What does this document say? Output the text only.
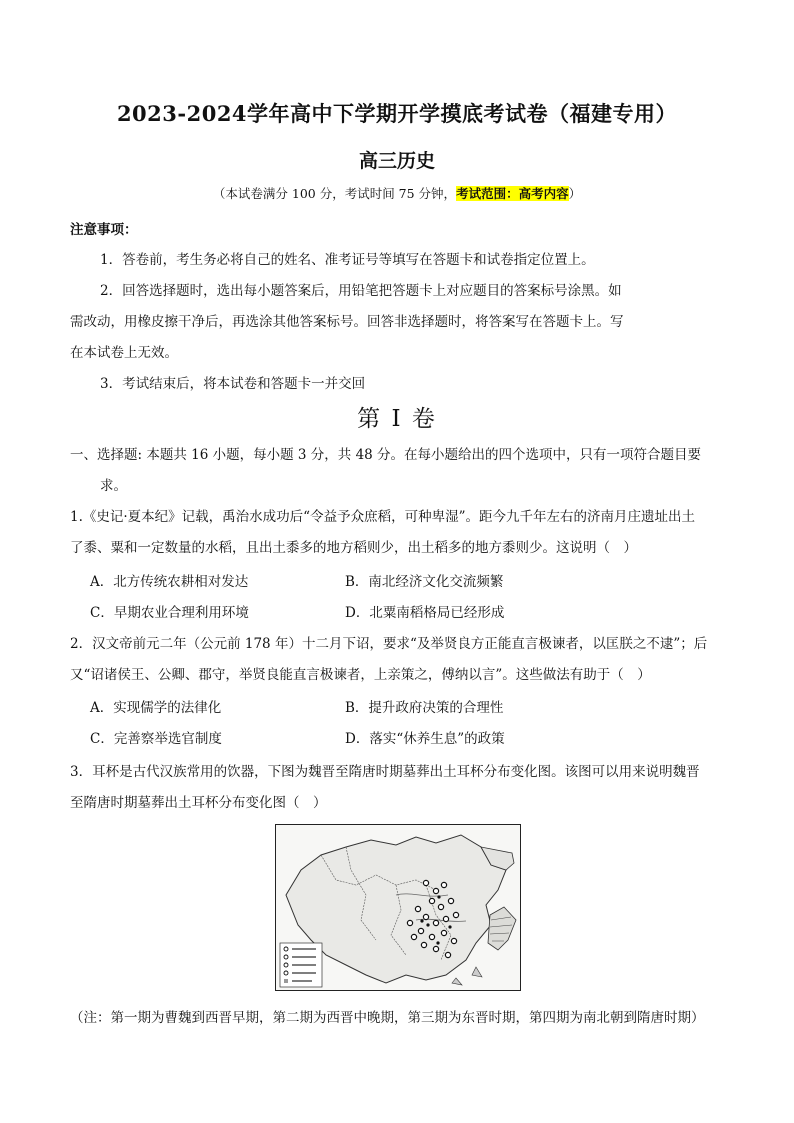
2023-2024学年高中下学期开学摸底考试卷（福建专用）
高三历史
（本试卷满分 100 分，考试时间 75 分钟，考试范围：高考内容）
注意事项：
1．答卷前，考生务必将自己的姓名、准考证号等填写在答题卡和试卷指定位置上。
2．回答选择题时，选出每小题答案后，用铅笔把答题卡上对应题目的答案标号涂黑。如
需改动，用橡皮擦干净后，再选涂其他答案标号。回答非选择题时，将答案写在答题卡上。写
在本试卷上无效。
3．考试结束后，将本试卷和答题卡一并交回
第 I 卷
一、选择题: 本题共 16 小题，每小题 3 分，共 48 分。在每小题给出的四个选项中，只有一项符合题目要
求。
1.《史记·夏本纪》记载，禹治水成功后“令益予众庶稻，可种卑湿”。距今九千年左右的济南月庄遗址出土
了黍、粟和一定数量的水稻，且出土黍多的地方稻则少，出土稻多的地方黍则少。这说明（　）
A．北方传统农耕相对发达	B．南北经济文化交流频繁
C．早期农业合理利用环境	D．北粟南稻格局已经形成
2．汉文帝前元二年（公元前 178 年）十二月下诏，要求“及举贤良方正能直言极谏者，以匡朕之不逮”；后
又“诏诸侯王、公卿、郡守，举贤良能直言极谏者，上亲策之，傅纳以言”。这些做法有助于（　）
A．实现儒学的法律化	B．提升政府决策的合理性
C．完善察举选官制度	D．落实“休养生息”的政策
3．耳杯是古代汉族常用的饮器，下图为魏晋至隋唐时期墓葬出土耳杯分布变化图。该图可以用来说明魏晋
至隋唐时期墓葬出土耳杯分布变化图（　）
（注：第一期为曹魏到西晋早期，第二期为西晋中晚期，第三期为东晋时期，第四期为南北朝到隋唐时期）
